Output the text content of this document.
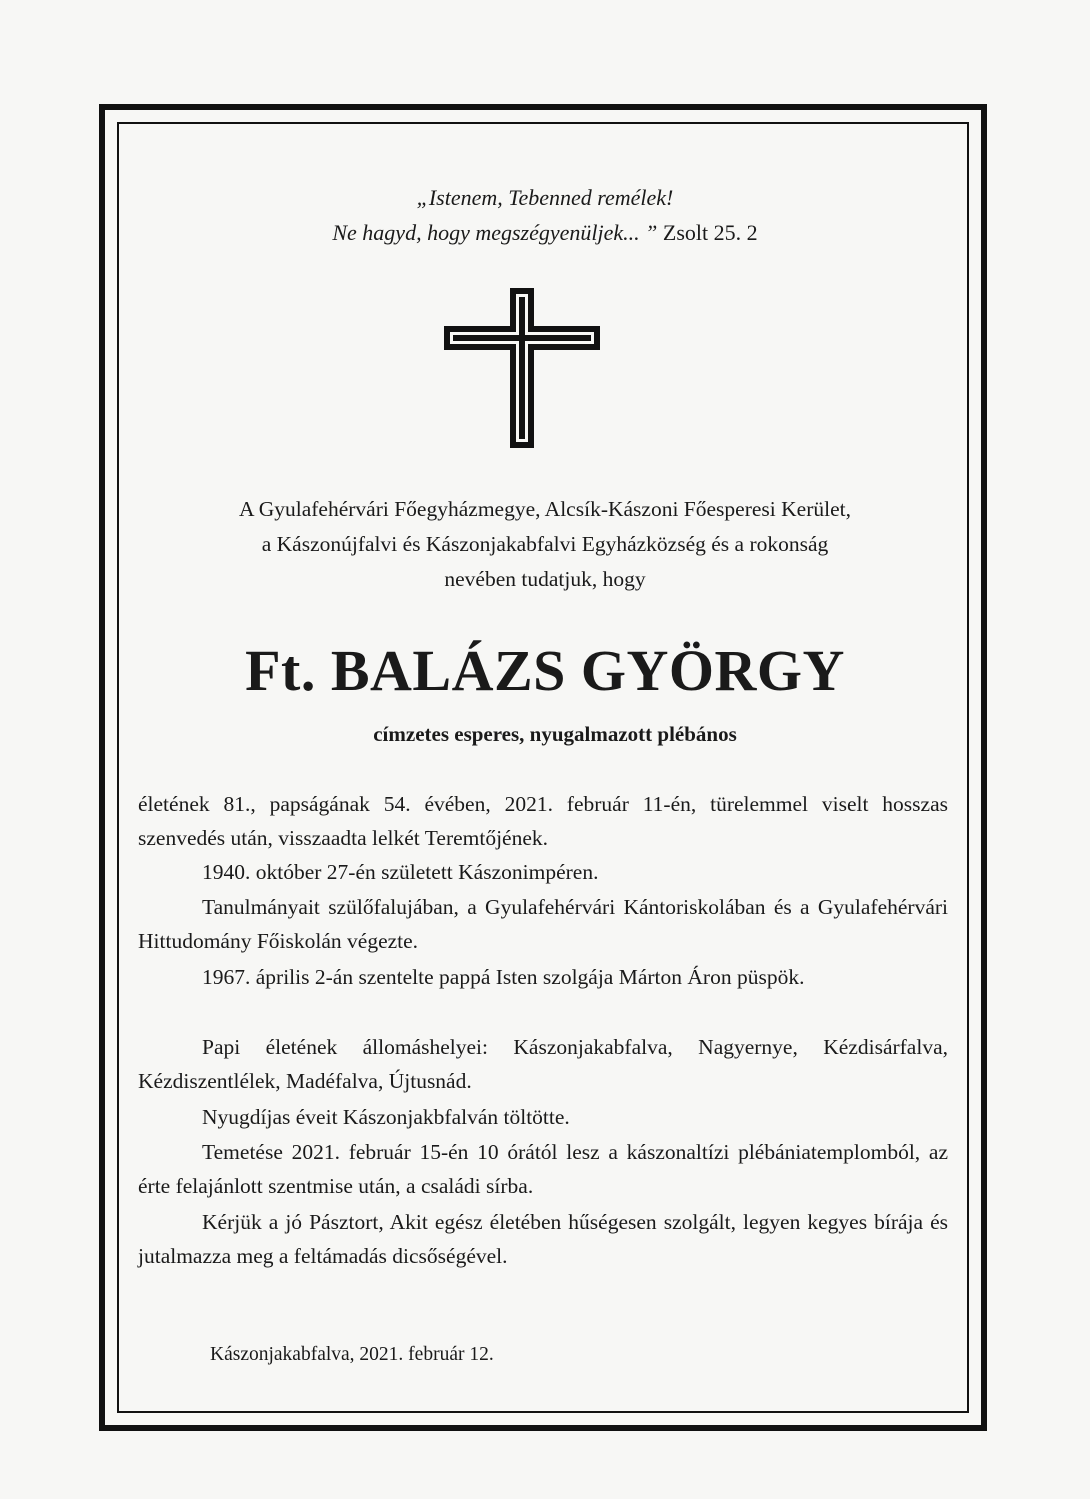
„Istenem, Tebenned remélek!
Ne hagyd, hogy megszégyenüljek... ” Zsolt 25. 2
A Gyulafehérvári Főegyházmegye, Alcsík-Kászoni Főesperesi Kerület,
a Kászonújfalvi és Kászonjakabfalvi Egyházközség és a rokonság
nevében tudatjuk, hogy
Ft. BALÁZS GYÖRGY
címzetes esperes, nyugalmazott plébános
életének 81., papságának 54. évében, 2021. február 11-én, türelemmel viselt hosszas szenvedés után, visszaadta lelkét Teremtőjének.
1940. október 27-én született Kászonimpéren.
Tanulmányait szülőfalujában, a Gyulafehérvári Kántoriskolában és a Gyulafehérvári Hittudomány Főiskolán végezte.
1967. április 2-án szentelte pappá Isten szolgája Márton Áron püspök.
Papi életének állomáshelyei: Kászonjakabfalva, Nagyernye, Kézdisárfalva, Kézdiszentlélek, Madéfalva, Újtusnád.
Nyugdíjas éveit Kászonjakbfalván töltötte.
Temetése 2021. február 15-én 10 órától lesz a kászonaltízi plébániatemplomból, az érte felajánlott szentmise után, a családi sírba.
Kérjük a jó Pásztort, Akit egész életében hűségesen szolgált, legyen kegyes bírája és jutalmazza meg a feltámadás dicsőségével.
Kászonjakabfalva, 2021. február 12.
